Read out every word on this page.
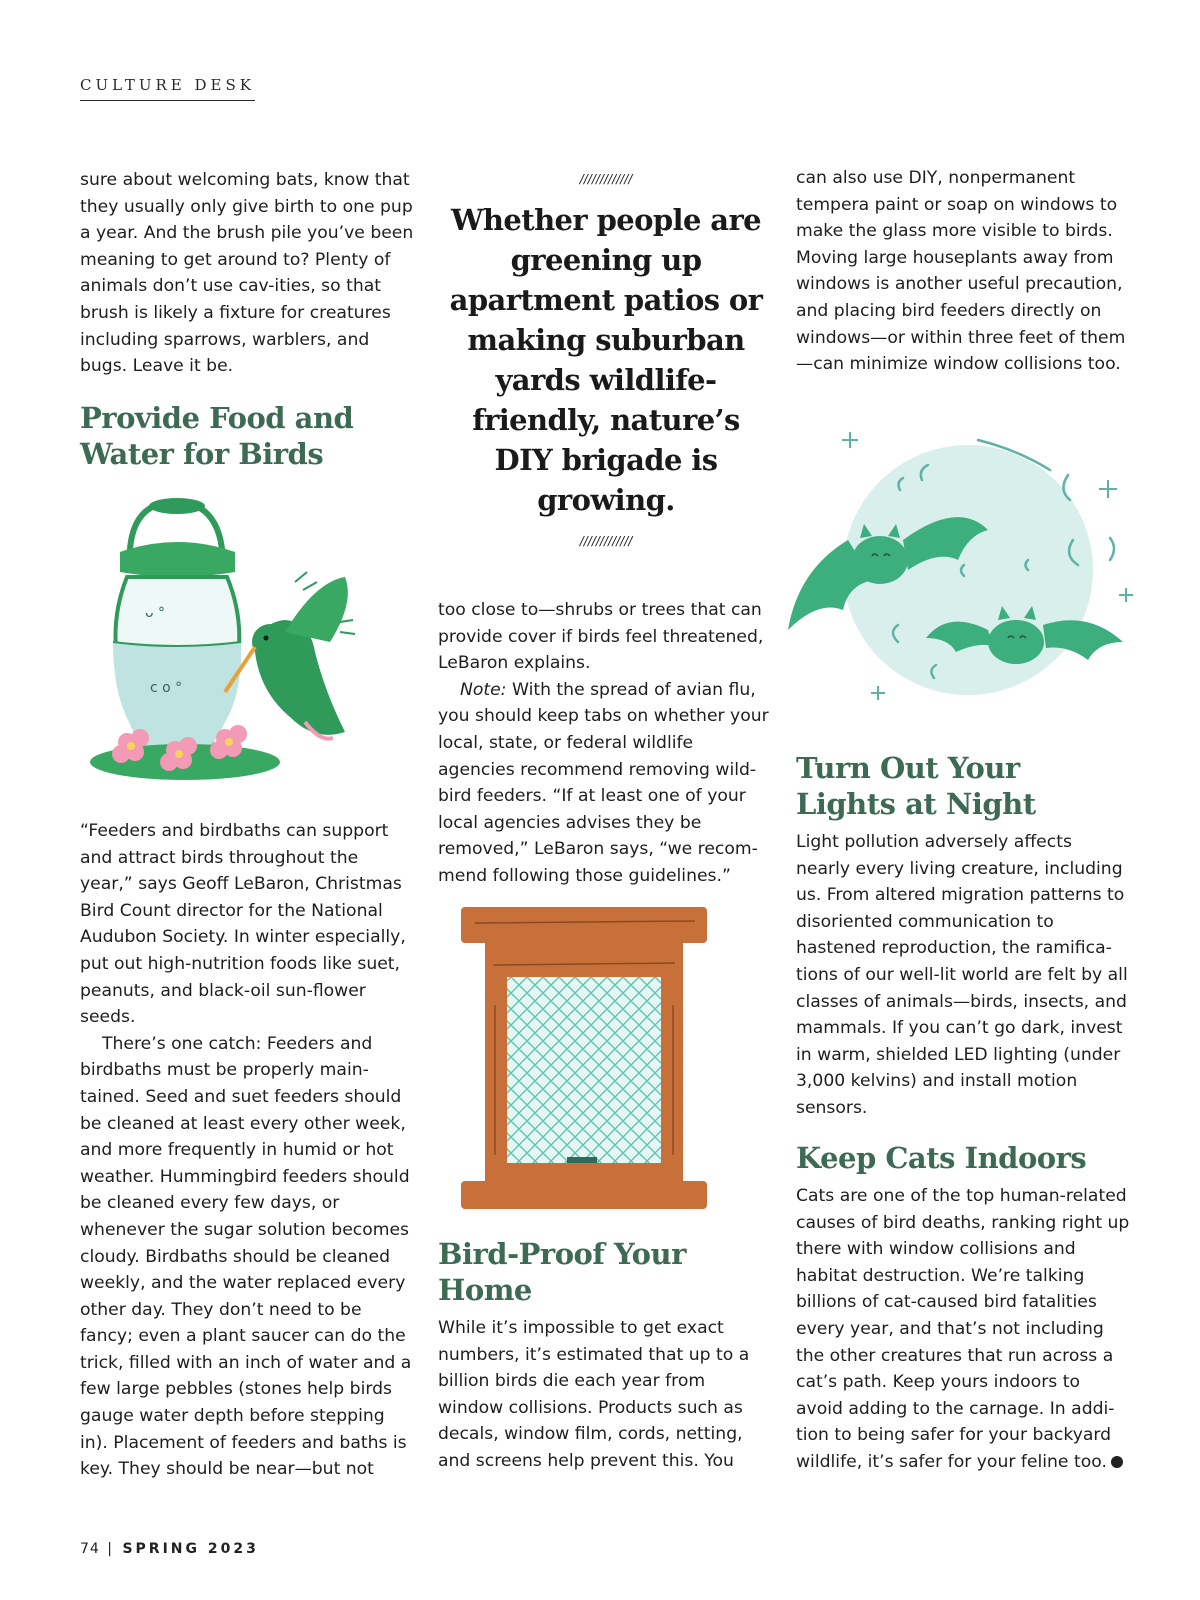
CULTURE DESK

sure about welcoming bats, know that they usually only give birth to one pup a year. And the brush pile you’ve been meaning to get around to? Plenty of animals don’t use cav-ities, so that brush is likely a fixture for creatures including sparrows, warblers, and bugs. Leave it be.

Provide Food and Water for Birds
ᴗ °
c o °

“Feeders and birdbaths can support and attract birds throughout the year,” says Geoff LeBaron, Christmas Bird Count director for the National Audubon Society. In winter especially, put out high-nutrition foods like suet, peanuts, and black-oil sun-flower seeds.

There’s one catch: Feeders and birdbaths must be properly main-tained. Seed and suet feeders should be cleaned at least every other week, and more frequently in humid or hot weather. Hummingbird feeders should be cleaned every few days, or whenever the sugar solution becomes cloudy. Birdbaths should be cleaned weekly, and the water replaced every other day. They don’t need to be fancy; even a plant saucer can do the trick, filled with an inch of water and a few large pebbles (stones help birds gauge water depth before stepping in). Placement of feeders and baths is key. They should be near—but not

/////////////
Whether people are greening up apartment patios or making suburban yards wildlife-friendly, nature’s DIY brigade is growing.
/////////////

too close to—shrubs or trees that can provide cover if birds feel threatened, LeBaron explains.

Note: With the spread of avian flu, you should keep tabs on whether your local, state, or federal wildlife agencies recommend removing wild-bird feeders. “If at least one of your local agencies advises they be removed,” LeBaron says, “we recom-mend following those guidelines.”

Bird-Proof Your Home

While it’s impossible to get exact numbers, it’s estimated that up to a billion birds die each year from window collisions. Products such as decals, window film, cords, netting, and screens help prevent this. You

can also use DIY, nonpermanent tempera paint or soap on windows to make the glass more visible to birds. Moving large houseplants away from windows is another useful precaution, and placing bird feeders directly on windows—or within three feet of them—can minimize window collisions too.

Turn Out Your Lights at Night

Light pollution adversely affects nearly every living creature, including us. From altered migration patterns to disoriented communication to hastened reproduction, the ramifica-tions of our well-lit world are felt by all classes of animals—birds, insects, and mammals. If you can’t go dark, invest in warm, shielded LED lighting (under 3,000 kelvins) and install motion sensors.

Keep Cats Indoors

Cats are one of the top human-related causes of bird deaths, ranking right up there with window collisions and habitat destruction. We’re talking billions of cat-caused bird fatalities every year, and that’s not including the other creatures that run across a cat’s path. Keep yours indoors to avoid adding to the carnage. In addi-tion to being safer for your backyard wildlife, it’s safer for your feline too.

74 | SPRING 2023
